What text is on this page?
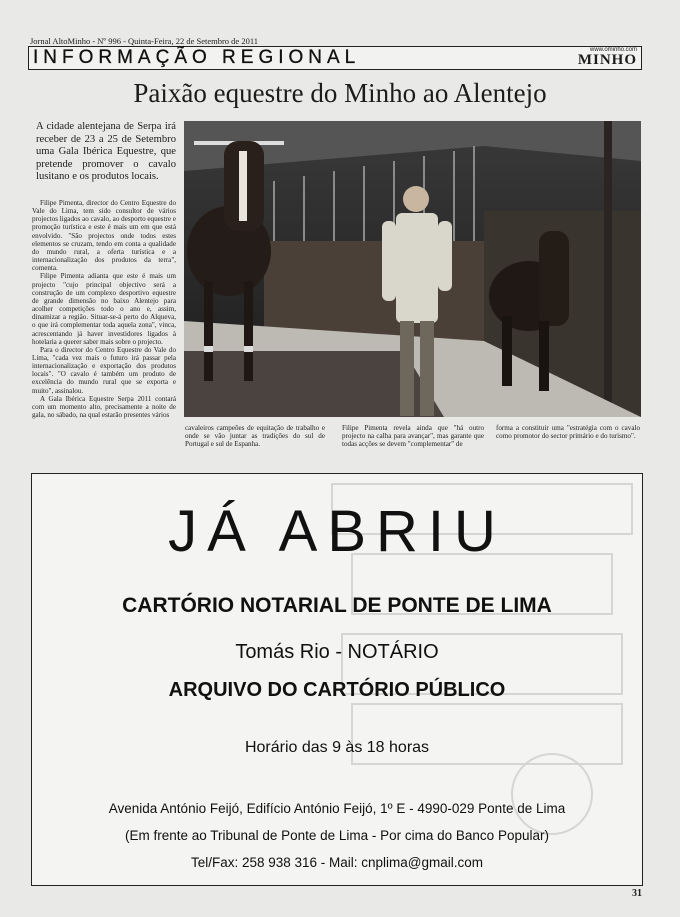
Jornal AltoMinho - Nº 996 - Quinta-Feira, 22 de Setembro de 2011
INFORMAÇÃO REGIONAL	www.ominho.com
MINHO
Paixão equestre do Minho ao Alentejo
A cidade alentejana de Serpa irá receber de 23 a 25 de Setembro uma Gala Ibérica Equestre, que pretende promover o cavalo lusitano e os produtos locais.

Filipe Pimenta, director do Centro Equestre do Vale do Lima, tem sido consultor de vários projectos ligados ao cavalo, ao desporto equestre e promoção turística e este é mais um em que está envolvido. "São projectos onde todos estes elementos se cruzam, tendo em conta a qualidade do mundo rural, a oferta turística e a internacionalização dos produtos da terra", comenta.

Filipe Pimenta adianta que este é mais um projecto "cujo principal objectivo será a construção de um complexo desportivo equestre de grande dimensão no baixo Alentejo para acolher competições todo o ano e, assim, dinamizar a região. Situar-se-á perto do Alqueva, o que irá complementar toda aquela zona", vinca, acrescentando já haver investidores ligados à hotelaria a querer saber mais sobre o projecto.

Para o director do Centro Equestre do Vale do Lima, "cada vez mais o futuro irá passar pela internacionalização e exportação dos produtos locais". "O cavalo é também um produto de excelência do mundo rural que se exporta e muito", assinalou.

A Gala Ibérica Equestre Serpa 2011 contará com um momento alto, precisamente a noite de gala, no sábado, na qual estarão presentes vários

cavaleiros campeões de equitação de trabalho e onde se vão juntar as tradições do sul de Portugal e sul de Espanha.
Filipe Pimenta revela ainda que "há outro projecto na calha para avançar", mas garante que todas acções se devem "complementar" de
forma a constituir uma "estratégia com o cavalo como promotor do sector primário e do turismo".
JÁ ABRIU
CARTÓRIO NOTARIAL DE PONTE DE LIMA
Tomás Rio - NOTÁRIO
ARQUIVO DO CARTÓRIO PÚBLICO
Horário das 9 às 18 horas
Avenida António Feijó, Edifício António Feijó, 1º E - 4990-029 Ponte de Lima
(Em frente ao Tribunal de Ponte de Lima - Por cima do Banco Popular)
Tel/Fax: 258 938 316 - Mail: cnplima@gmail.com
31
